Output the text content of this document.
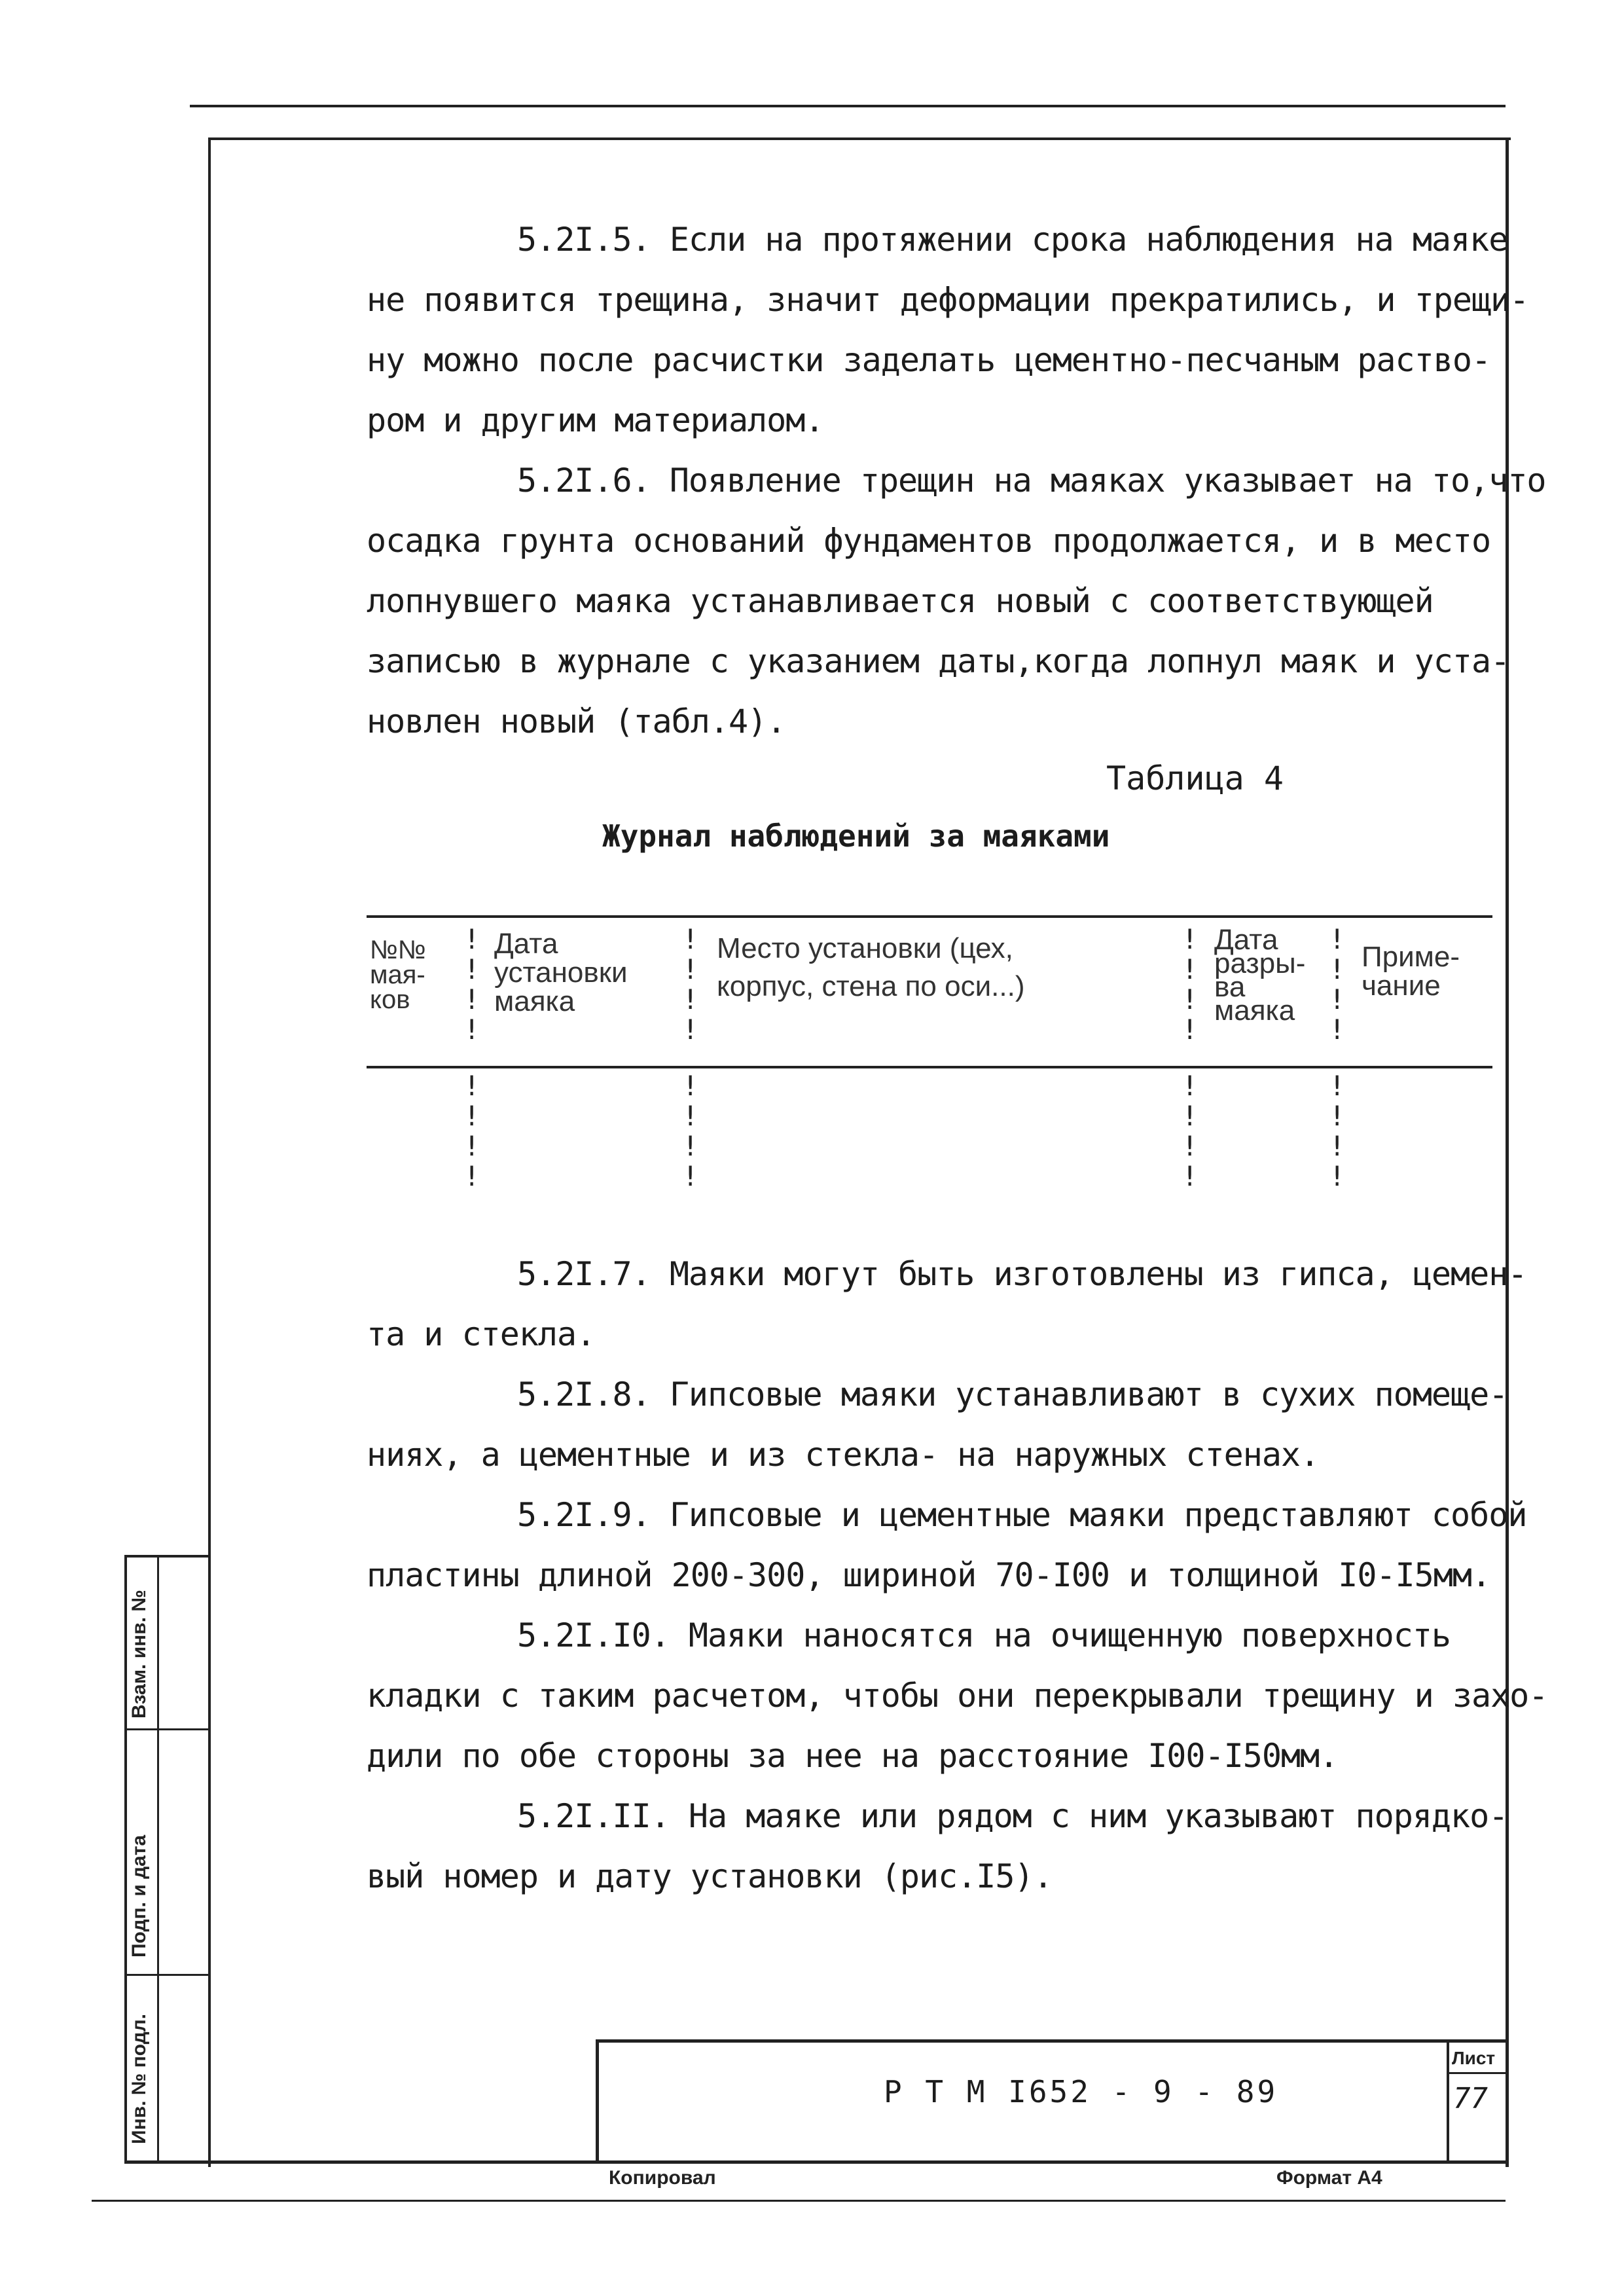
5.2I.5. Если на протяжении срока наблюдения на маяке
не появится трещина, значит деформации прекратились, и трещи-
ну можно после расчистки заделать цементно-песчаным раство-
ром и другим материалом.
5.2I.6. Появление трещин на маяках указывает на то,что
осадка грунта оснований фундаментов продолжается, и в место
лопнувшего маяка устанавливается новый с соответствующей
записью в журнале с указанием даты,когда лопнул маяк и уста-
новлен новый (табл.4).
Таблица 4
Журнал наблюдений за маяками
№№
мая-
ков
Дата
установки
маяка
Место установки (цех,
корпус, стена по оси...)
Дата
разры-
ва
маяка
Приме-
чание
!
!
!
!
!
!
!
!
!
!
!
!
!
!
!
!
!
!
!
!
!
!
!
!
!
!
!
!
!
!
!
!
5.2I.7. Маяки могут быть изготовлены из гипса, цемен-
та и стекла.
5.2I.8. Гипсовые маяки устанавливают в сухих помеще-
ниях, а цементные и из стекла- на наружных стенах.
5.2I.9. Гипсовые и цементные маяки представляют собой
пластины длиной 200-300, шириной 70-I00 и толщиной I0-I5мм.
5.2I.I0. Маяки наносятся на очищенную поверхность
кладки с таким расчетом, чтобы они перекрывали трещину и захо-
дили по обе стороны за нее на расстояние I00-I50мм.
5.2I.II. На маяке или рядом с ним указывают порядко-
вый номер и дату установки (рис.I5).
Р Т М I652 - 9 - 89
Лист
77
Копировал	Формат А4
Взам. инв. №
Подп. и дата
Инв. № подл.
